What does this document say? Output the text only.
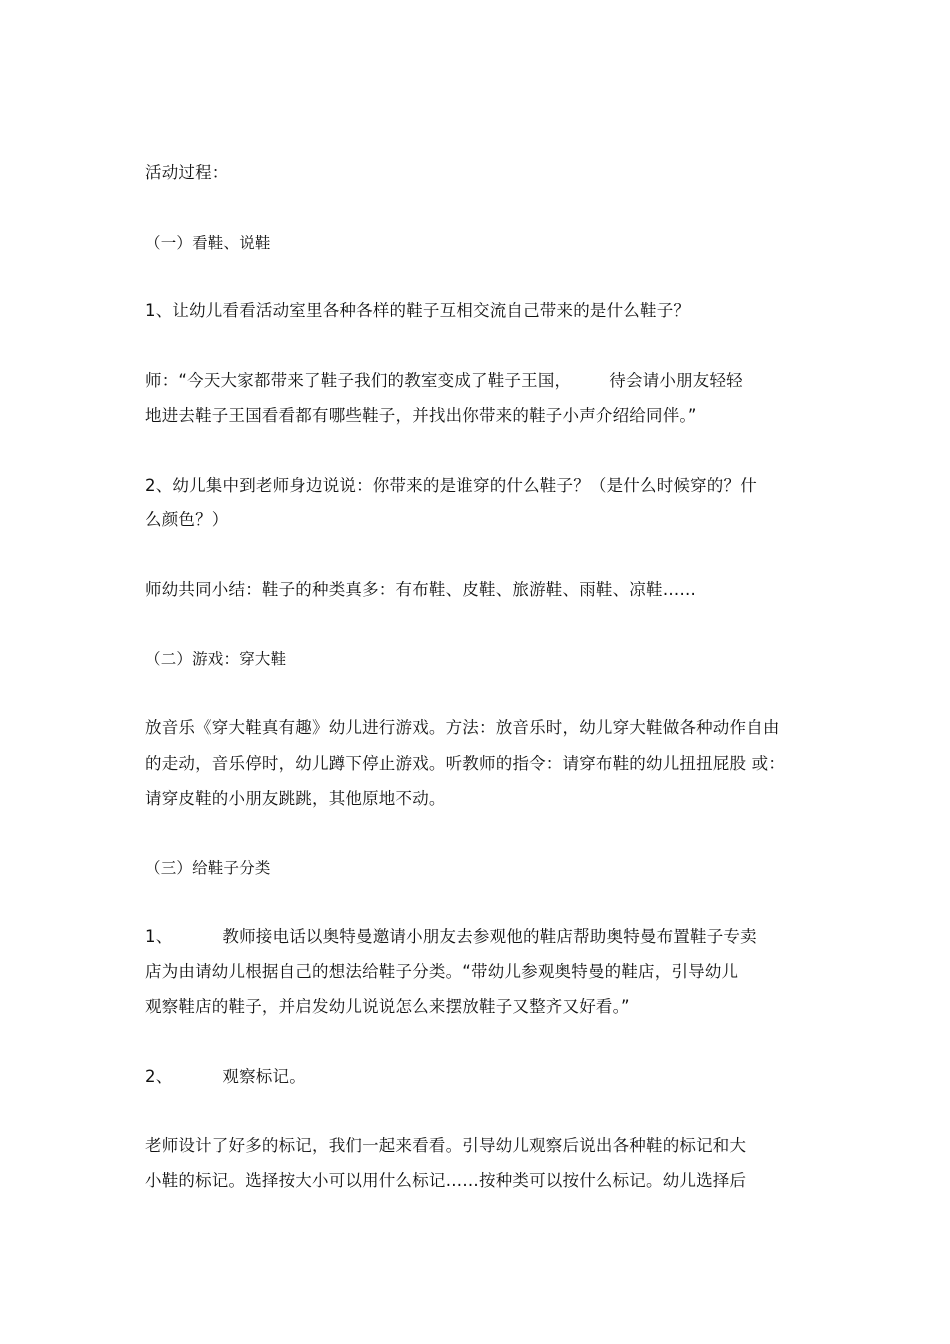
活动过程：
（一）看鞋、说鞋
1、让幼儿看看活动室里各种各样的鞋子互相交流自己带来的是什么鞋子？
师：“今天大家都带来了鞋子我们的教室变成了鞋子王国， 待会请小朋友轻轻
地进去鞋子王国看看都有哪些鞋子，并找出你带来的鞋子小声介绍给同伴。”
2、幼儿集中到老师身边说说：你带来的是谁穿的什么鞋子？（是什么时候穿的？什
么颜色？）
师幼共同小结：鞋子的种类真多：有布鞋、皮鞋、旅游鞋、雨鞋、凉鞋……
（二）游戏：穿大鞋
放音乐《穿大鞋真有趣》幼儿进行游戏。方法：放音乐时，幼儿穿大鞋做各种动作自由
的走动，音乐停时，幼儿蹲下停止游戏。听教师的指令：请穿布鞋的幼儿扭扭屁股 或：
请穿皮鞋的小朋友跳跳，其他原地不动。
（三）给鞋子分类
1、	教师接电话以奥特曼邀请小朋友去参观他的鞋店帮助奥特曼布置鞋子专卖
店为由请幼儿根据自己的想法给鞋子分类。“带幼儿参观奥特曼的鞋店，引导幼儿
观察鞋店的鞋子，并启发幼儿说说怎么来摆放鞋子又整齐又好看。”
2、	观察标记。
老师设计了好多的标记，我们一起来看看。引导幼儿观察后说出各种鞋的标记和大
小鞋的标记。选择按大小可以用什么标记……按种类可以按什么标记。幼儿选择后
